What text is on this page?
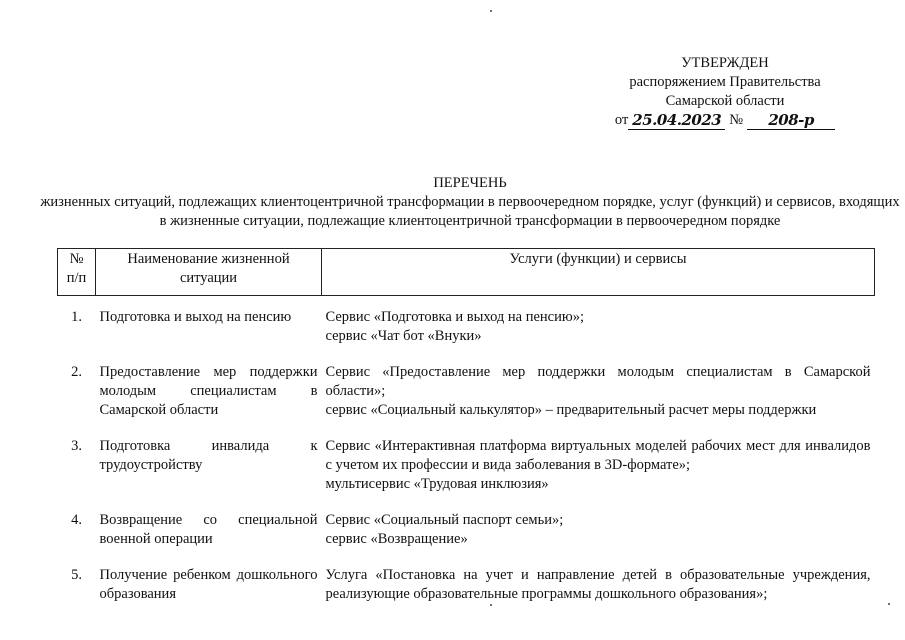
УТВЕРЖДЕН
распоряжением Правительства
Самарской области
от 25.04.2023 №	208-р
ПЕРЕЧЕНЬ
жизненных ситуаций, подлежащих клиентоцентричной трансформации в первоочередном порядке, услуг (функций) и сервисов, входящих в жизненные ситуации, подлежащие клиентоцентричной трансформации в первоочередном порядке
№ п/п	Наименование жизненной ситуации	Услуги (функции) и сервисы

1.	Подготовка и выход на пенсию	Сервис «Подготовка и выход на пенсию»;
сервис «Чат бот «Внуки»

2.	Предоставление мер поддержки молодым специалистам в Самарской области	Сервис «Предоставление мер поддержки молодым специалистам в Самарской области»;
сервис «Социальный калькулятор» – предварительный расчет меры поддержки

3.	Подготовка инвалида к трудоустройству	Сервис «Интерактивная платформа виртуальных моделей рабочих мест для инвалидов с учетом их профессии и вида заболевания в 3D-формате»;
мультисервис «Трудовая инклюзия»

4.	Возвращение со специальной военной операции	Сервис «Социальный паспорт семьи»;
сервис «Возвращение»

5.	Получение ребенком дошкольного образования	Услуга «Постановка на учет и направление детей в образовательные учреждения, реализующие образовательные программы дошкольного образования»;
